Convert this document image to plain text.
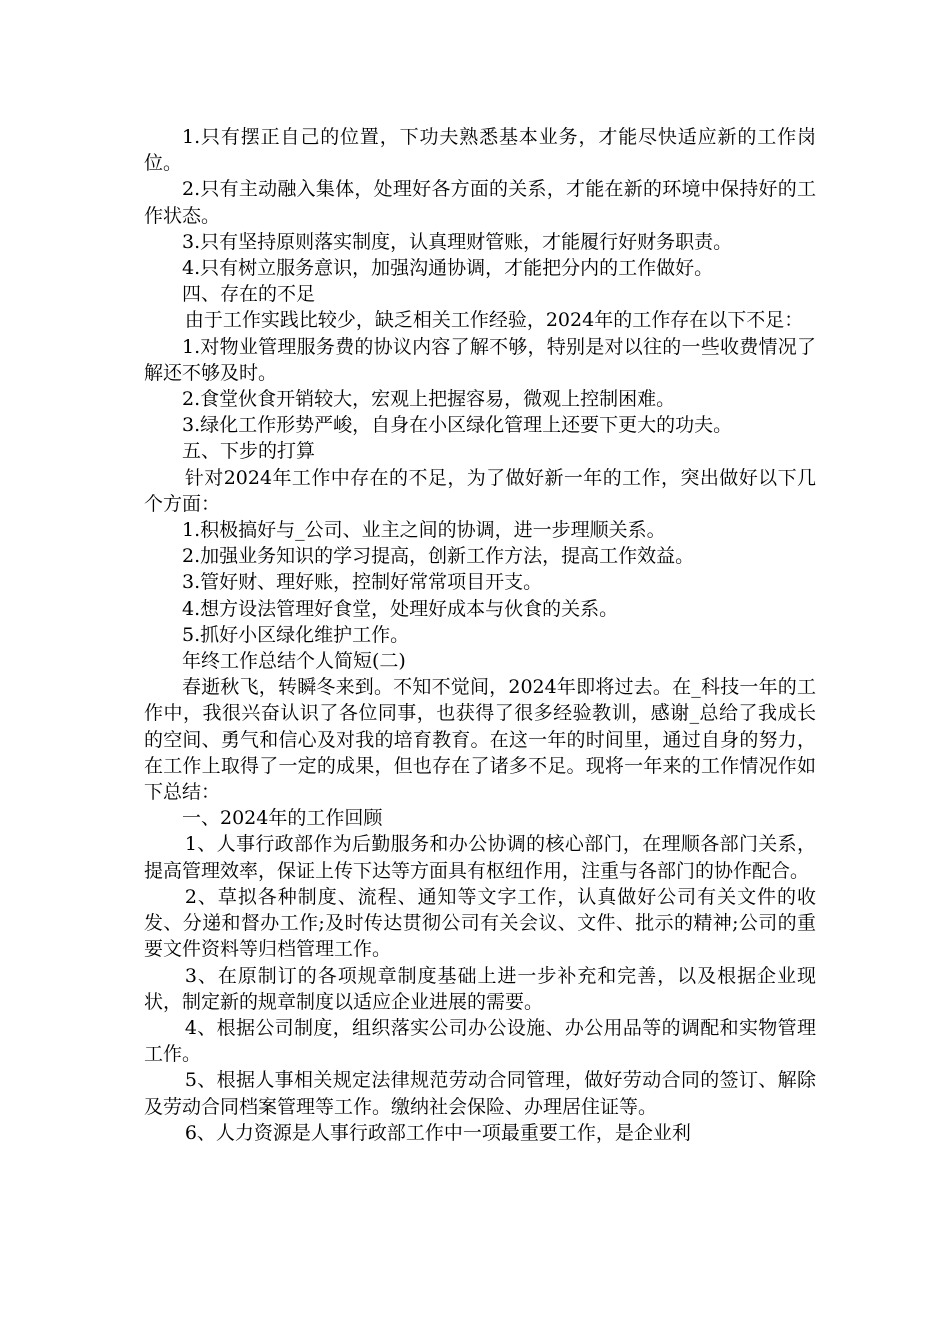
1.只有摆正自己的位置，下功夫熟悉基本业务，才能尽快适应新的工作岗位。

2.只有主动融入集体，处理好各方面的关系，才能在新的环境中保持好的工作状态。

3.只有坚持原则落实制度，认真理财管账，才能履行好财务职责。

4.只有树立服务意识，加强沟通协调，才能把分内的工作做好。

四、存在的不足

由于工作实践比较少，缺乏相关工作经验，2024年的工作存在以下不足：

1.对物业管理服务费的协议内容了解不够，特别是对以往的一些收费情况了解还不够及时。

2.食堂伙食开销较大，宏观上把握容易，微观上控制困难。

3.绿化工作形势严峻，自身在小区绿化管理上还要下更大的功夫。

五、下步的打算

针对2024年工作中存在的不足，为了做好新一年的工作，突出做好以下几个方面：

1.积极搞好与_公司、业主之间的协调，进一步理顺关系。

2.加强业务知识的学习提高，创新工作方法，提高工作效益。

3.管好财、理好账，控制好常常项目开支。

4.想方设法管理好食堂，处理好成本与伙食的关系。

5.抓好小区绿化维护工作。

年终工作总结个人简短(二)

春逝秋飞，转瞬冬来到。不知不觉间，2024年即将过去。在_科技一年的工作中，我很兴奋认识了各位同事，也获得了很多经验教训，感谢_总给了我成长的空间、勇气和信心及对我的培育教育。在这一年的时间里，通过自身的努力，在工作上取得了一定的成果，但也存在了诸多不足。现将一年来的工作情况作如下总结：

一、2024年的工作回顾

1、人事行政部作为后勤服务和办公协调的核心部门，在理顺各部门关系，提高管理效率，保证上传下达等方面具有枢纽作用，注重与各部门的协作配合。

2、草拟各种制度、流程、通知等文字工作，认真做好公司有关文件的收发、分递和督办工作;及时传达贯彻公司有关会议、文件、批示的精神;公司的重要文件资料等归档管理工作。

3、在原制订的各项规章制度基础上进一步补充和完善，以及根据企业现状，制定新的规章制度以适应企业进展的需要。

4、根据公司制度，组织落实公司办公设施、办公用品等的调配和实物管理工作。

5、根据人事相关规定法律规范劳动合同管理，做好劳动合同的签订、解除及劳动合同档案管理等工作。缴纳社会保险、办理居住证等。

6、人力资源是人事行政部工作中一项最重要工作，是企业利
